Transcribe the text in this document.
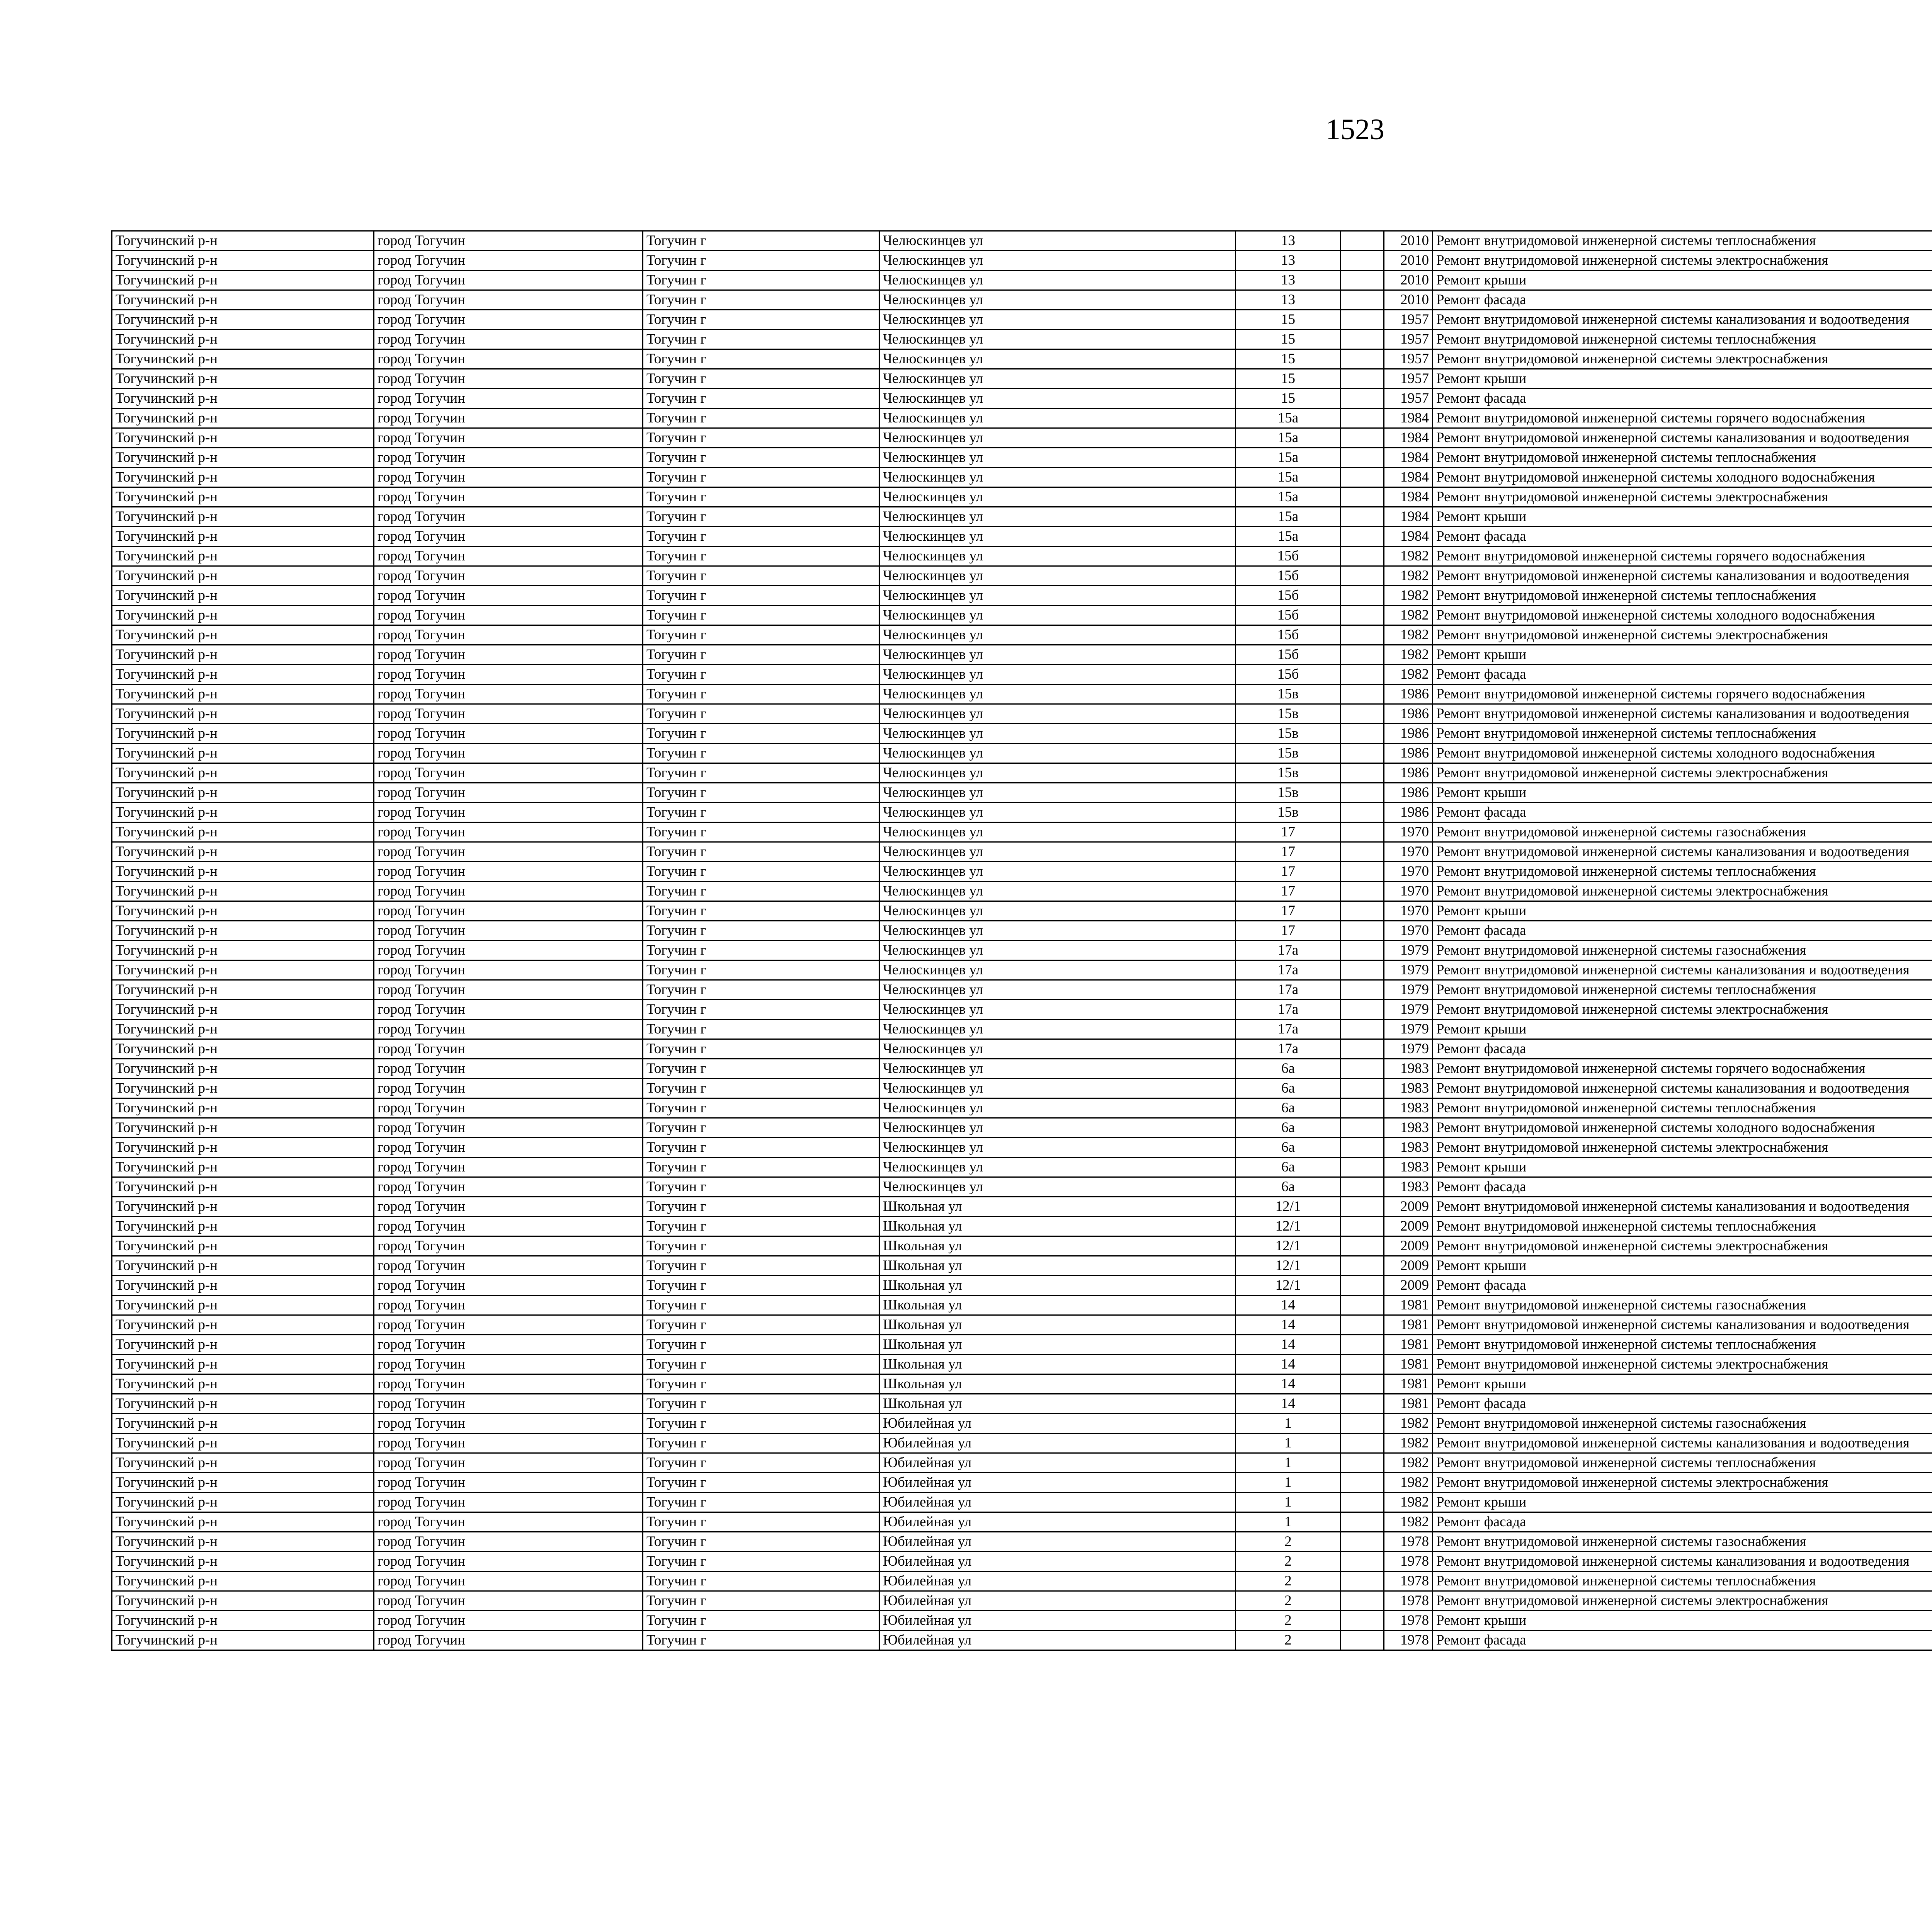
1523
Тогучинский р-н	город Тогучин	Тогучин г	Челюскинцев ул	13		2010	Ремонт внутридомовой инженерной системы теплоснабжения				
Тогучинский р-н	город Тогучин	Тогучин г	Челюскинцев ул	13		2010	Ремонт внутридомовой инженерной системы электроснабжения				
Тогучинский р-н	город Тогучин	Тогучин г	Челюскинцев ул	13		2010	Ремонт крыши				
Тогучинский р-н	город Тогучин	Тогучин г	Челюскинцев ул	13		2010	Ремонт фасада				
Тогучинский р-н	город Тогучин	Тогучин г	Челюскинцев ул	15		1957	Ремонт внутридомовой инженерной системы канализования и водоотведения				
Тогучинский р-н	город Тогучин	Тогучин г	Челюскинцев ул	15		1957	Ремонт внутридомовой инженерной системы теплоснабжения				
Тогучинский р-н	город Тогучин	Тогучин г	Челюскинцев ул	15		1957	Ремонт внутридомовой инженерной системы электроснабжения				
Тогучинский р-н	город Тогучин	Тогучин г	Челюскинцев ул	15		1957	Ремонт крыши				
Тогучинский р-н	город Тогучин	Тогучин г	Челюскинцев ул	15		1957	Ремонт фасада				
Тогучинский р-н	город Тогучин	Тогучин г	Челюскинцев ул	15а		1984	Ремонт внутридомовой инженерной системы горячего водоснабжения				
Тогучинский р-н	город Тогучин	Тогучин г	Челюскинцев ул	15а		1984	Ремонт внутридомовой инженерной системы канализования и водоотведения				
Тогучинский р-н	город Тогучин	Тогучин г	Челюскинцев ул	15а		1984	Ремонт внутридомовой инженерной системы теплоснабжения				
Тогучинский р-н	город Тогучин	Тогучин г	Челюскинцев ул	15а		1984	Ремонт внутридомовой инженерной системы холодного водоснабжения				
Тогучинский р-н	город Тогучин	Тогучин г	Челюскинцев ул	15а		1984	Ремонт внутридомовой инженерной системы электроснабжения				
Тогучинский р-н	город Тогучин	Тогучин г	Челюскинцев ул	15а		1984	Ремонт крыши				
Тогучинский р-н	город Тогучин	Тогучин г	Челюскинцев ул	15а		1984	Ремонт фасада				
Тогучинский р-н	город Тогучин	Тогучин г	Челюскинцев ул	15б		1982	Ремонт внутридомовой инженерной системы горячего водоснабжения				
Тогучинский р-н	город Тогучин	Тогучин г	Челюскинцев ул	15б		1982	Ремонт внутридомовой инженерной системы канализования и водоотведения				
Тогучинский р-н	город Тогучин	Тогучин г	Челюскинцев ул	15б		1982	Ремонт внутридомовой инженерной системы теплоснабжения				
Тогучинский р-н	город Тогучин	Тогучин г	Челюскинцев ул	15б		1982	Ремонт внутридомовой инженерной системы холодного водоснабжения				
Тогучинский р-н	город Тогучин	Тогучин г	Челюскинцев ул	15б		1982	Ремонт внутридомовой инженерной системы электроснабжения				
Тогучинский р-н	город Тогучин	Тогучин г	Челюскинцев ул	15б		1982	Ремонт крыши				
Тогучинский р-н	город Тогучин	Тогучин г	Челюскинцев ул	15б		1982	Ремонт фасада				
Тогучинский р-н	город Тогучин	Тогучин г	Челюскинцев ул	15в		1986	Ремонт внутридомовой инженерной системы горячего водоснабжения				
Тогучинский р-н	город Тогучин	Тогучин г	Челюскинцев ул	15в		1986	Ремонт внутридомовой инженерной системы канализования и водоотведения				
Тогучинский р-н	город Тогучин	Тогучин г	Челюскинцев ул	15в		1986	Ремонт внутридомовой инженерной системы теплоснабжения				
Тогучинский р-н	город Тогучин	Тогучин г	Челюскинцев ул	15в		1986	Ремонт внутридомовой инженерной системы холодного водоснабжения				
Тогучинский р-н	город Тогучин	Тогучин г	Челюскинцев ул	15в		1986	Ремонт внутридомовой инженерной системы электроснабжения				
Тогучинский р-н	город Тогучин	Тогучин г	Челюскинцев ул	15в		1986	Ремонт крыши				
Тогучинский р-н	город Тогучин	Тогучин г	Челюскинцев ул	15в		1986	Ремонт фасада				
Тогучинский р-н	город Тогучин	Тогучин г	Челюскинцев ул	17		1970	Ремонт внутридомовой инженерной системы газоснабжения				
Тогучинский р-н	город Тогучин	Тогучин г	Челюскинцев ул	17		1970	Ремонт внутридомовой инженерной системы канализования и водоотведения				
Тогучинский р-н	город Тогучин	Тогучин г	Челюскинцев ул	17		1970	Ремонт внутридомовой инженерной системы теплоснабжения				
Тогучинский р-н	город Тогучин	Тогучин г	Челюскинцев ул	17		1970	Ремонт внутридомовой инженерной системы электроснабжения				
Тогучинский р-н	город Тогучин	Тогучин г	Челюскинцев ул	17		1970	Ремонт крыши				
Тогучинский р-н	город Тогучин	Тогучин г	Челюскинцев ул	17		1970	Ремонт фасада				
Тогучинский р-н	город Тогучин	Тогучин г	Челюскинцев ул	17а		1979	Ремонт внутридомовой инженерной системы газоснабжения				
Тогучинский р-н	город Тогучин	Тогучин г	Челюскинцев ул	17а		1979	Ремонт внутридомовой инженерной системы канализования и водоотведения				
Тогучинский р-н	город Тогучин	Тогучин г	Челюскинцев ул	17а		1979	Ремонт внутридомовой инженерной системы теплоснабжения				
Тогучинский р-н	город Тогучин	Тогучин г	Челюскинцев ул	17а		1979	Ремонт внутридомовой инженерной системы электроснабжения				
Тогучинский р-н	город Тогучин	Тогучин г	Челюскинцев ул	17а		1979	Ремонт крыши				
Тогучинский р-н	город Тогучин	Тогучин г	Челюскинцев ул	17а		1979	Ремонт фасада				
Тогучинский р-н	город Тогучин	Тогучин г	Челюскинцев ул	6а		1983	Ремонт внутридомовой инженерной системы горячего водоснабжения				
Тогучинский р-н	город Тогучин	Тогучин г	Челюскинцев ул	6а		1983	Ремонт внутридомовой инженерной системы канализования и водоотведения				
Тогучинский р-н	город Тогучин	Тогучин г	Челюскинцев ул	6а		1983	Ремонт внутридомовой инженерной системы теплоснабжения				
Тогучинский р-н	город Тогучин	Тогучин г	Челюскинцев ул	6а		1983	Ремонт внутридомовой инженерной системы холодного водоснабжения				
Тогучинский р-н	город Тогучин	Тогучин г	Челюскинцев ул	6а		1983	Ремонт внутридомовой инженерной системы электроснабжения				
Тогучинский р-н	город Тогучин	Тогучин г	Челюскинцев ул	6а		1983	Ремонт крыши				
Тогучинский р-н	город Тогучин	Тогучин г	Челюскинцев ул	6а		1983	Ремонт фасада				
Тогучинский р-н	город Тогучин	Тогучин г	Школьная ул	12/1		2009	Ремонт внутридомовой инженерной системы канализования и водоотведения				
Тогучинский р-н	город Тогучин	Тогучин г	Школьная ул	12/1		2009	Ремонт внутридомовой инженерной системы теплоснабжения				
Тогучинский р-н	город Тогучин	Тогучин г	Школьная ул	12/1		2009	Ремонт внутридомовой инженерной системы электроснабжения				
Тогучинский р-н	город Тогучин	Тогучин г	Школьная ул	12/1		2009	Ремонт крыши				
Тогучинский р-н	город Тогучин	Тогучин г	Школьная ул	12/1		2009	Ремонт фасада				
Тогучинский р-н	город Тогучин	Тогучин г	Школьная ул	14		1981	Ремонт внутридомовой инженерной системы газоснабжения				
Тогучинский р-н	город Тогучин	Тогучин г	Школьная ул	14		1981	Ремонт внутридомовой инженерной системы канализования и водоотведения				
Тогучинский р-н	город Тогучин	Тогучин г	Школьная ул	14		1981	Ремонт внутридомовой инженерной системы теплоснабжения				
Тогучинский р-н	город Тогучин	Тогучин г	Школьная ул	14		1981	Ремонт внутридомовой инженерной системы электроснабжения				
Тогучинский р-н	город Тогучин	Тогучин г	Школьная ул	14		1981	Ремонт крыши				
Тогучинский р-н	город Тогучин	Тогучин г	Школьная ул	14		1981	Ремонт фасада				
Тогучинский р-н	город Тогучин	Тогучин г	Юбилейная ул	1		1982	Ремонт внутридомовой инженерной системы газоснабжения				
Тогучинский р-н	город Тогучин	Тогучин г	Юбилейная ул	1		1982	Ремонт внутридомовой инженерной системы канализования и водоотведения				
Тогучинский р-н	город Тогучин	Тогучин г	Юбилейная ул	1		1982	Ремонт внутридомовой инженерной системы теплоснабжения				
Тогучинский р-н	город Тогучин	Тогучин г	Юбилейная ул	1		1982	Ремонт внутридомовой инженерной системы электроснабжения				
Тогучинский р-н	город Тогучин	Тогучин г	Юбилейная ул	1		1982	Ремонт крыши				
Тогучинский р-н	город Тогучин	Тогучин г	Юбилейная ул	1		1982	Ремонт фасада				
Тогучинский р-н	город Тогучин	Тогучин г	Юбилейная ул	2		1978	Ремонт внутридомовой инженерной системы газоснабжения				
Тогучинский р-н	город Тогучин	Тогучин г	Юбилейная ул	2		1978	Ремонт внутридомовой инженерной системы канализования и водоотведения				
Тогучинский р-н	город Тогучин	Тогучин г	Юбилейная ул	2		1978	Ремонт внутридомовой инженерной системы теплоснабжения				
Тогучинский р-н	город Тогучин	Тогучин г	Юбилейная ул	2		1978	Ремонт внутридомовой инженерной системы электроснабжения				
Тогучинский р-н	город Тогучин	Тогучин г	Юбилейная ул	2		1978	Ремонт крыши				
Тогучинский р-н	город Тогучин	Тогучин г	Юбилейная ул	2		1978	Ремонт фасада				
